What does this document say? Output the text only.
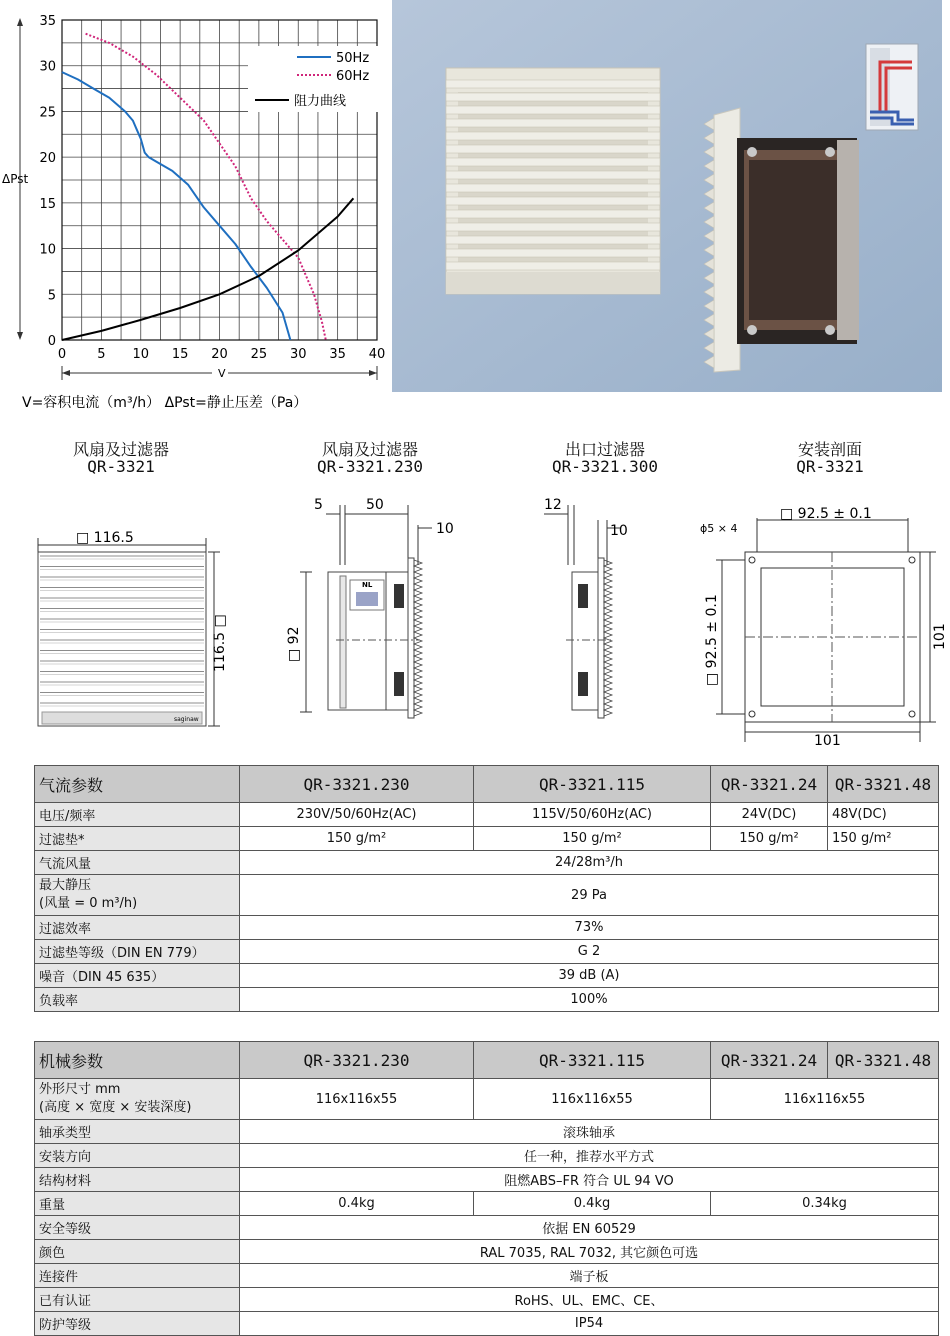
0 5 10 15 20 25 30 35 40
0
5
10
15
20
25
30
35
50Hz
60Hz
阻力曲线
ΔPst
V
V=容积电流（m³/h） ΔPst=静止压差（Pa）
风扇及过滤器
QR-3321
风扇及过滤器
QR-3321.230
出口过滤器
QR-3321.300
安装剖面
QR-3321
□ 116.5
saginaw
116.5 □
5	50
10
□ 92
NL
12
10	ϕ5 × 4
□ 92.5 ± 0.1
□ 92.5 ± 0.1	101
101
气流参数	QR-3321.230	QR-3321.115	QR-3321.24	QR-3321.48
电压/频率	230V/50/60Hz(AC)	115V/50/60Hz(AC)	24V(DC)	48V(DC)
过滤垫*	150 g/m²	150 g/m²	150 g/m²	150 g/m²
气流风量	24/28m³/h			

最大静压
(风量 = 0 m³/h)	29 Pa			
过滤效率	73%			
过滤垫等级（DIN EN 779）	G 2			
噪音（DIN 45 635）	39 dB (A)			
负载率	100%			
机械参数	QR-3321.230	QR-3321.115	QR-3321.24	QR-3321.48

外形尺寸 mm
(高度 × 宽度 × 安装深度)	116x116x55	116x116x55	116x116x55	
轴承类型	滚珠轴承			
安装方向	任一种，推荐水平方式			
结构材料	阻燃ABS–FR 符合 UL 94 VO			
重量	0.4kg	0.4kg	0.34kg	
安全等级	依据 EN 60529			
颜色	RAL 7035, RAL 7032, 其它颜色可选			
连接件	端子板			
已有认证	RoHS、UL、EMC、CE、			
防护等级	IP54			
